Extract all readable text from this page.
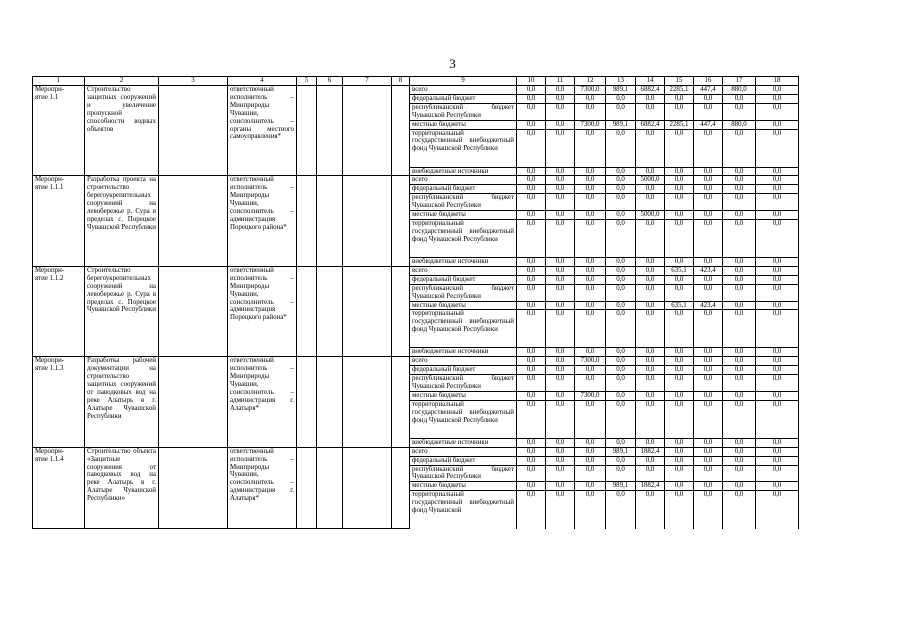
3
1	2	3	4	5	6	7	8	9	10	11	12	13	14	15	16	17	18
Меропри-
ятие 1.1	Строительство защитных сооружений и увеличение пропускной способности водных объектов		ответственный исполнитель – Минприроды Чувашии, соисполнитель – органы местного самоуправления*					всего	0,0	0,0	7300,0	989,1	6882,4	2285,1	447,4	880,0	0,0
								федеральный бюджет	0,0	0,0	0,0	0,0	0,0	0,0	0,0	0,0	0,0
								республиканский бюджет Чувашской Республики	0,0	0,0	0,0	0,0	0,0	0,0	0,0	0,0	0,0
								местные бюджеты	0,0	0,0	7300,0	989,1	6882,4	2285,1	447,4	880,0	0,0
								территориальный государственный внебюджетный фонд Чувашской Республики	0,0	0,0	0,0	0,0	0,0	0,0	0,0	0,0	0,0
								внебюджетные источники	0,0	0,0	0,0	0,0	0,0	0,0	0,0	0,0	0,0
Меропри-
ятие 1.1.1	Разработка проекта на строительство берегоукрепительных сооружений на левобережье р. Сура в пределах с. Порецкое Чувашской Республики		ответственный исполнитель – Минприроды Чувашии, соисполнитель – администрация Порецкого района*					всего	0,0	0,0	0,0	0,0	5000,0	0,0	0,0	0,0	0,0
								федеральный бюджет	0,0	0,0	0,0	0,0	0,0	0,0	0,0	0,0	0,0
								республиканский бюджет Чувашской Республики	0,0	0,0	0,0	0,0	0,0	0,0	0,0	0,0	0,0
								местные бюджеты	0,0	0,0	0,0	0,0	5000,0	0,0	0,0	0,0	0,0
								территориальный государственный внебюджетный фонд Чувашской Республики	0,0	0,0	0,0	0,0	0,0	0,0	0,0	0,0	0,0
								внебюджетные источники	0,0	0,0	0,0	0,0	0,0	0,0	0,0	0,0	0,0
Меропри-
ятие 1.1.2	Строительство берегоукрепительных сооружений на левобережье р. Сура в пределах с. Порецкое Чувашской Республики		ответственный исполнитель – Минприроды Чувашии, соисполнитель – администрация Порецкого района*					всего	0,0	0,0	0,0	0,0	0,0	635,1	423,4	0,0	0,0
								федеральный бюджет	0,0	0,0	0,0	0,0	0,0	0,0	0,0	0,0	0,0
								республиканский бюджет Чувашской Республики	0,0	0,0	0,0	0,0	0,0	0,0	0,0	0,0	0,0
								местные бюджеты	0,0	0,0	0,0	0,0	0,0	635,1	423,4	0,0	0,0
								территориальный государственный внебюджетный фонд Чувашской Республики	0,0	0,0	0,0	0,0	0,0	0,0	0,0	0,0	0,0
								внебюджетные источники	0,0	0,0	0,0	0,0	0,0	0,0	0,0	0,0	0,0
Меропри-
ятие 1.1.3	Разработка рабочей документации на строительство защитных сооружений от паводковых вод на реке Алатырь в г. Алатыре Чувашской Республики		ответственный исполнитель – Минприроды Чувашии, соисполнитель – администрация г. Алатыря*					всего	0,0	0,0	7300,0	0,0	0,0	0,0	0,0	0,0	0,0
								федеральный бюджет	0,0	0,0	0,0	0,0	0,0	0,0	0,0	0,0	0,0
								республиканский бюджет Чувашской Республики	0,0	0,0	0,0	0,0	0,0	0,0	0,0	0,0	0,0
								местные бюджеты	0,0	0,0	7300,0	0,0	0,0	0,0	0,0	0,0	0,0
								территориальный государственный внебюджетный фонд Чувашской Республики	0,0	0,0	0,0	0,0	0,0	0,0	0,0	0,0	0,0
								внебюджетные источники	0,0	0,0	0,0	0,0	0,0	0,0	0,0	0,0	0,0
Меропри-
ятие 1.1.4	Строительство объекта «Защитные сооружения от паводковых вод на реке Алатырь в г. Алатыре Чувашской Республики»		ответственный исполнитель – Минприроды Чувашии, соисполнитель – администрация г. Алатыря*					всего	0,0	0,0	0,0	989,1	1882,4	0,0	0,0	0,0	0,0
								федеральный бюджет	0,0	0,0	0,0	0,0	0,0	0,0	0,0	0,0	0,0
								республиканский бюджет Чувашской Республики	0,0	0,0	0,0	0,0	0,0	0,0	0,0	0,0	0,0
								местные бюджеты	0,0	0,0	0,0	989,1	1882,4	0,0	0,0	0,0	0,0
								территориальный государственный внебюджетный фонд Чувашской	0,0	0,0	0,0	0,0	0,0	0,0	0,0	0,0	0,0
